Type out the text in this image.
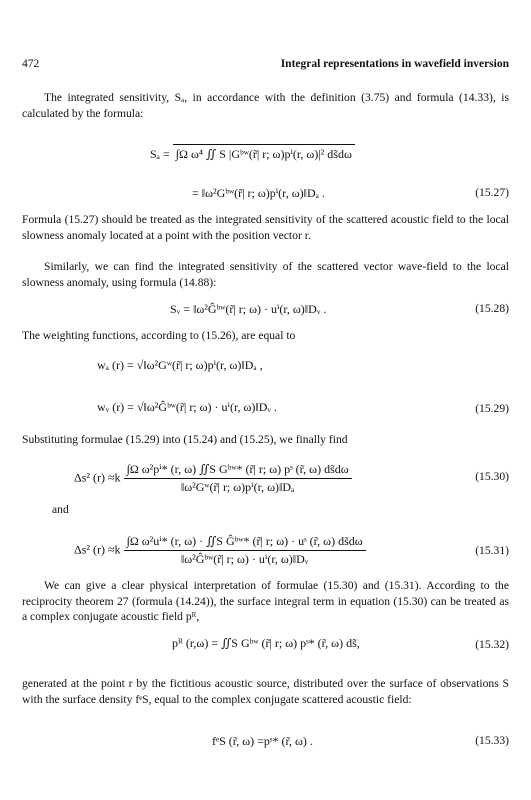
472	Integral representations in wavefield inversion
The integrated sensitivity, Sₐ, in accordance with the definition (3.75) and formula (14.33), is calculated by the formula:
Sₐ = ∫Ω ω⁴ ∬ S |Gᵇʷ(r̃| r; ω)pⁱ(r, ω)|² ds̃dω
= ‖ω²Gᵇʷ(r̃| r; ω)pⁱ(r, ω)‖Dₐ .	(15.27)
Formula (15.27) should be treated as the integrated sensitivity of the scattered acoustic field to the local slowness anomaly located at a point with the position vector r.
Similarly, we can find the integrated sensitivity of the scattered vector wave-field to the local slowness anomaly, using formula (14.88):
Sᵥ = ‖ω²Ĝᵇʷ(r̃| r; ω) · uⁱ(r, ω)‖Dᵥ .	(15.28)
The weighting functions, according to (15.26), are equal to
wₐ (r) = √‖ω²Gʷ(r̃| r; ω)pⁱ(r, ω)‖Dₐ ,
wᵥ (r) = √‖ω²Ĝᵇʷ(r̃| r; ω) · uⁱ(r, ω)‖Dᵥ .	(15.29)
Substituting formulae (15.29) into (15.24) and (15.25), we finally find
Δs² $(r) \approx k \frac{\text{∫Ω ω²pⁱ* (r, ω) ∬S Gᵇʷ* (r̃| r; ω) pˢ (r̃, ω) ds̃dω}}{\text{‖ω²Gʷ(r̃| r; ω)pⁱ(r, ω)‖Dₐ}}$	(15.30)
and
Δs² $(r) \approx k \frac{\text{∫Ω ω²uⁱ* (r, ω) · ∬S Ĝᵇʷ* (r̃| r; ω) · uˢ (r̃, ω) ds̃dω}}{\text{‖ω²Ĝᵇʷ(r̃| r; ω) · uⁱ(r, ω)‖Dᵥ}}$	(15.31)
We can give a clear physical interpretation of formulae (15.30) and (15.31). According to the reciprocity theorem 27 (formula (14.24)), the surface integral term in equation (15.30) can be treated as a complex conjugate acoustic field pᴿ,
pᴿ (r,ω) = ∬S Gᵇʷ (r̃| r; ω) pˢ* (r̃, ω) ds̃,	(15.32)
generated at the point r by the fictitious acoustic source, distributed over the surface of observations S with the surface density fᵉS, equal to the complex conjugate scattered acoustic field:
fᵉS (r̃, ω) =pˢ* (r̃, ω) .	(15.33)
